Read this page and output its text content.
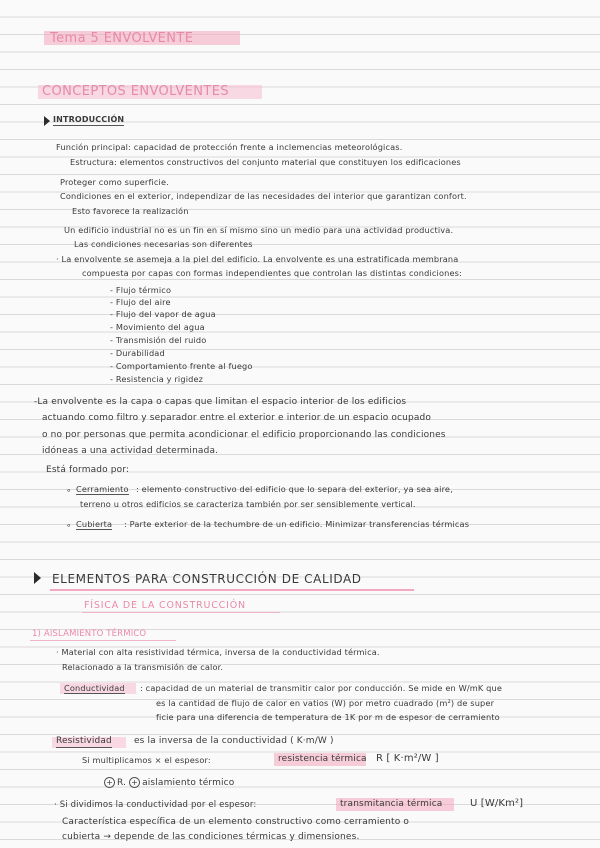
Tema 5 ENVOLVENTE
CONCEPTOS ENVOLVENTES
INTRODUCCIÓN
Función principal: capacidad de protección frente a inclemencias meteorológicas.
Estructura: elementos constructivos del conjunto material que constituyen los edificaciones
Proteger como superficie.
Condiciones en el exterior, independizar de las necesidades del interior que garantizan confort.
Esto favorece la realización
Un edificio industrial no es un fin en sí mismo sino un medio para una actividad productiva.
Las condiciones necesarias son diferentes
· La envolvente se asemeja a la piel del edificio. La envolvente es una estratificada membrana
compuesta por capas con formas independientes que controlan las distintas condiciones:
- Flujo térmico
- Flujo del aire
- Flujo del vapor de agua
- Movimiento del agua
- Transmisión del ruido
- Durabilidad
- Comportamiento frente al fuego
- Resistencia y rigidez
-La envolvente es la capa o capas que limitan el espacio interior de los edificios
actuando como filtro y separador entre el exterior e interior de un espacio ocupado
o no por personas que permita acondicionar el edificio proporcionando las condiciones
idóneas a una actividad determinada.
Está formado por:
∘ Cerramiento : elemento constructivo del edificio que lo separa del exterior, ya sea aire,
terreno u otros edificios se caracteriza también por ser sensiblemente vertical.
∘ Cubierta : Parte exterior de la techumbre de un edificio. Minimizar transferencias térmicas
ELEMENTOS PARA CONSTRUCCIÓN DE CALIDAD
FÍSICA DE LA CONSTRUCCIÓN
1) AISLAMIENTO TÉRMICO
· Material con alta resistividad térmica, inversa de la conductividad térmica.
Relacionado a la transmisión de calor.
Conductividad : capacidad de un material de transmitir calor por conducción. Se mide en W/mK que
es la cantidad de flujo de calor en vatios (W) por metro cuadrado (m²) de super
ficie para una diferencia de temperatura de 1K por m de espesor de cerramiento
Resistividad es la inversa de la conductividad ( K·m/W )
Si multiplicamos × el espesor:	resistencia térmica R [ K·m²/W ]
+ R. + aislamiento térmico
· Si dividimos la conductividad por el espesor:	transmitancia térmica	U [W/Km²]
Característica específica de un elemento constructivo como cerramiento o
cubierta → depende de las condiciones térmicas y dimensiones.
